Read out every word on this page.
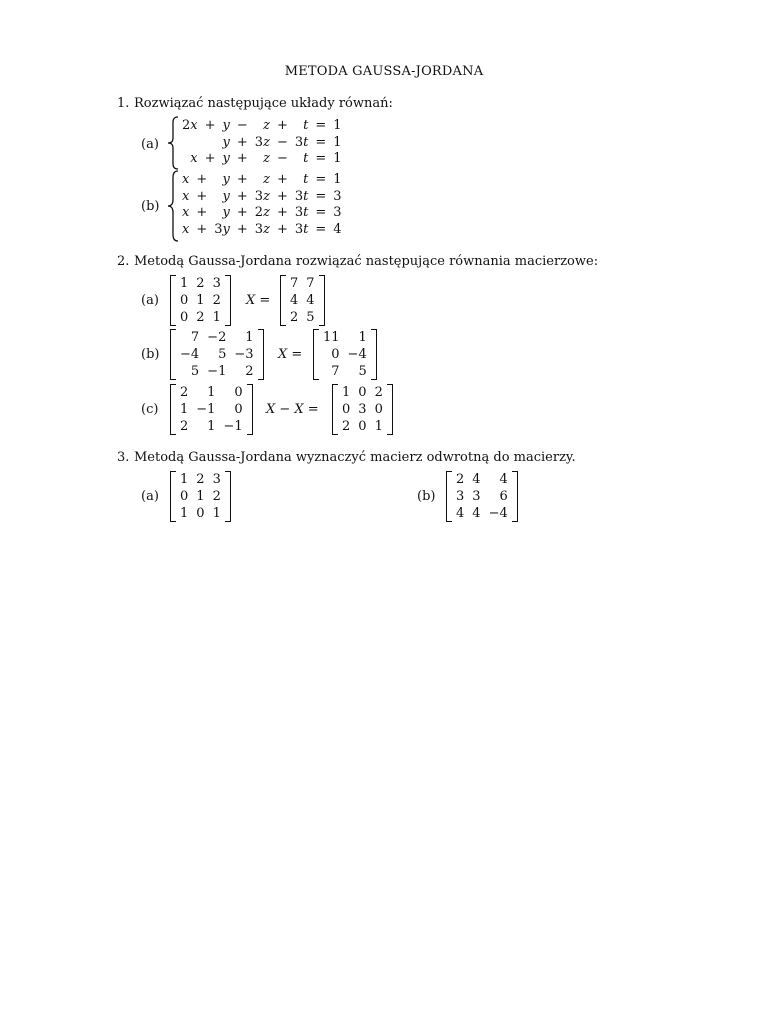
METODA GAUSSA-JORDANA
1. Rozwiązać następujące układy równań:
(a)
2x	+	y	−	z	+	t	=	1
		y	+	3z	−	3t	=	1
x	+	y	+	z	−	t	=	1
(b)
x	+	y	+	z	+	t	=	1
x	+	y	+	3z	+	3t	=	3
x	+	y	+	2z	+	3t	=	3
x	+	3y	+	3z	+	3t	=	4
2. Metodą Gaussa-Jordana rozwiązać następujące równania macierzowe:
(a)
1	2	3
0	1	2
0	2	1
X =
7	7
4	4
2	5
(b)
7	−2	1
−4	5	−3
5	−1	2
X =
11	1
0	−4
7	5
(c)
2	1	0
1	−1	0
2	1	−1
X − X =
1	0	2
0	3	0
2	0	1
3. Metodą Gaussa-Jordana wyznaczyć macierz odwrotną do macierzy.
(a)
1	2	3
0	1	2
1	0	1
(b)
2	4	4
3	3	6
4	4	−4
